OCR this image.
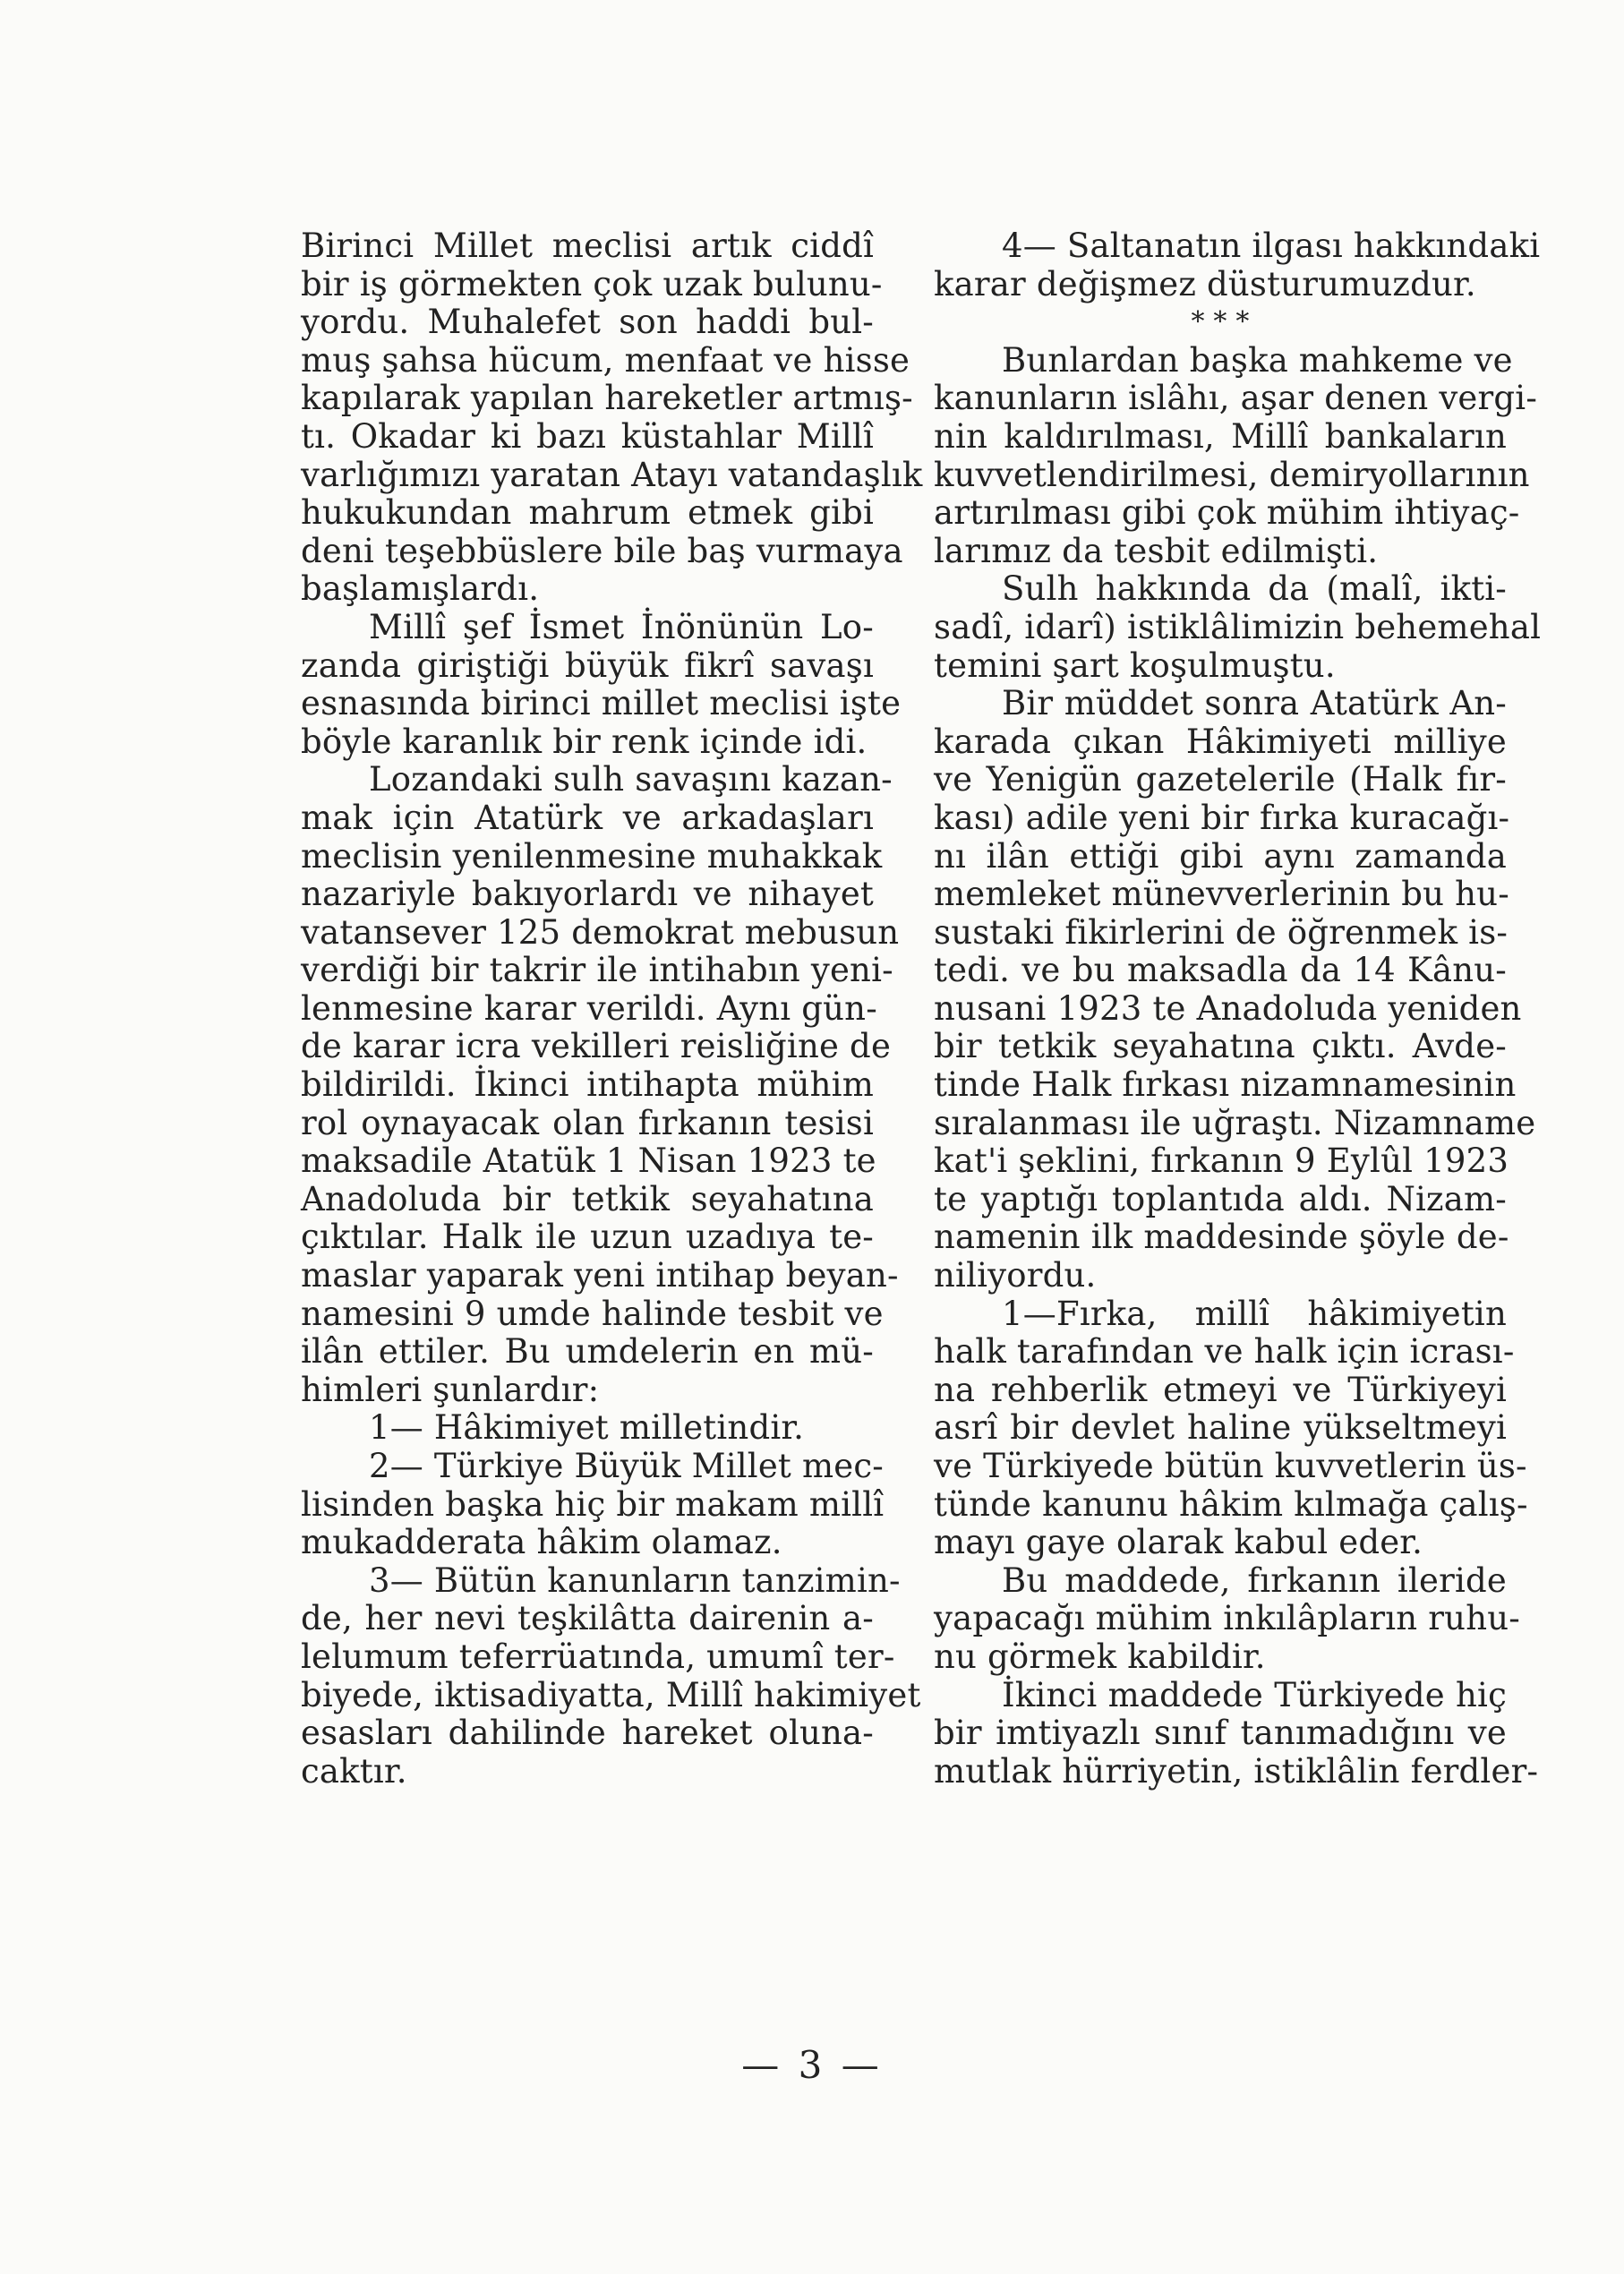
Birinci Millet meclisi artık ciddî
bir iş görmekten çok uzak bulunu-
yordu. Muhalefet son haddi bul-
muş şahsa hücum, menfaat ve hisse
kapılarak yapılan hareketler artmış-
tı. Okadar ki bazı küstahlar Millî
varlığımızı yaratan Atayı vatandaşlık
hukukundan mahrum etmek gibi
deni teşebbüslere bile baş vurmaya
başlamışlardı.
Millî şef İsmet İnönünün Lo-
zanda giriştiği büyük fikrî savaşı
esnasında birinci millet meclisi işte
böyle karanlık bir renk içinde idi.
Lozandaki sulh savaşını kazan-
mak için Atatürk ve arkadaşları
meclisin yenilenmesine muhakkak
nazariyle bakıyorlardı ve nihayet
vatansever 125 demokrat mebusun
verdiği bir takrir ile intihabın yeni-
lenmesine karar verildi. Aynı gün-
de karar icra vekilleri reisliğine de
bildirildi. İkinci intihapta mühim
rol oynayacak olan fırkanın tesisi
maksadile Atatük 1 Nisan 1923 te
Anadoluda bir tetkik seyahatına
çıktılar. Halk ile uzun uzadıya te-
maslar yaparak yeni intihap beyan-
namesini 9 umde halinde tesbit ve
ilân ettiler. Bu umdelerin en mü-
himleri şunlardır:
1— Hâkimiyet milletindir.
2— Türkiye Büyük Millet mec-
lisinden başka hiç bir makam millî
mukadderata hâkim olamaz.
3— Bütün kanunların tanzimin-
de, her nevi teşkilâtta dairenin a-
lelumum teferrüatında, umumî ter-
biyede, iktisadiyatta, Millî hakimiyet
esasları dahilinde hareket oluna-
caktır.
4— Saltanatın ilgası hakkındaki
karar değişmez düsturumuzdur.
* * *
Bunlardan başka mahkeme ve
kanunların islâhı, aşar denen vergi-
nin kaldırılması, Millî bankaların
kuvvetlendirilmesi, demiryollarının
artırılması gibi çok mühim ihtiyaç-
larımız da tesbit edilmişti.
Sulh hakkında da (malî, ikti-
sadî, idarî) istiklâlimizin behemehal
temini şart koşulmuştu.
Bir müddet sonra Atatürk An-
karada çıkan Hâkimiyeti milliye
ve Yenigün gazetelerile (Halk fır-
kası) adile yeni bir fırka kuracağı-
nı ilân ettiği gibi aynı zamanda
memleket münevverlerinin bu hu-
sustaki fikirlerini de öğrenmek is-
tedi. ve bu maksadla da 14 Kânu-
nusani 1923 te Anadoluda yeniden
bir tetkik seyahatına çıktı. Avde-
tinde Halk fırkası nizamnamesinin
sıralanması ile uğraştı. Nizamname
kat'i şeklini, fırkanın 9 Eylûl 1923
te yaptığı toplantıda aldı. Nizam-
namenin ilk maddesinde şöyle de-
niliyordu.
1—Fırka, millî hâkimiyetin
halk tarafından ve halk için icrası-
na rehberlik etmeyi ve Türkiyeyi
asrî bir devlet haline yükseltmeyi
ve Türkiyede bütün kuvvetlerin üs-
tünde kanunu hâkim kılmağa çalış-
mayı gaye olarak kabul eder.
Bu maddede, fırkanın ileride
yapacağı mühim inkılâpların ruhu-
nu görmek kabildir.
İkinci maddede Türkiyede hiç
bir imtiyazlı sınıf tanımadığını ve
mutlak hürriyetin, istiklâlin ferdler-
— 3 —
